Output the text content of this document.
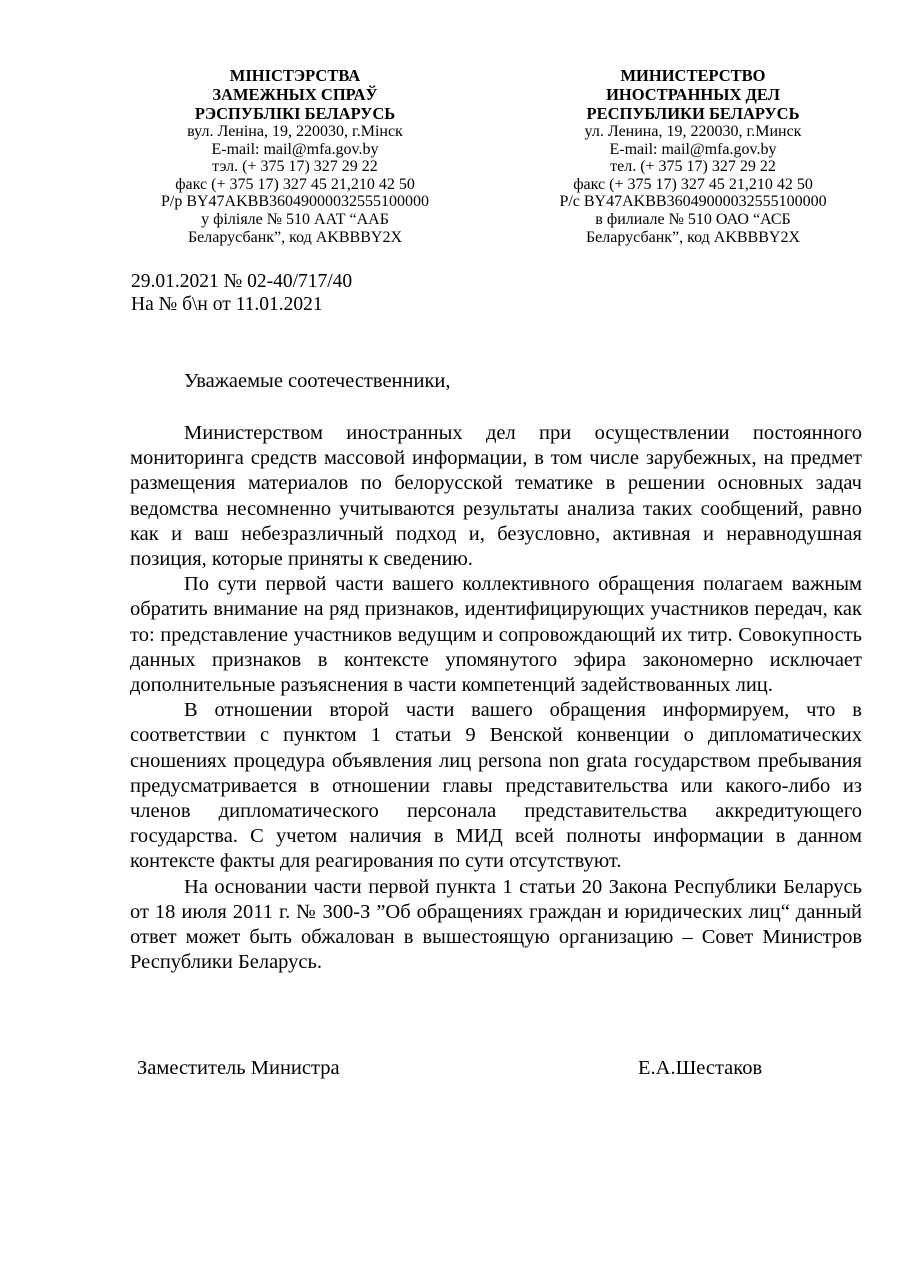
МІНІСТЭРСТВА
ЗАМЕЖНЫХ СПРАЎ
РЭСПУБЛІКІ БЕЛАРУСЬ
вул. Леніна, 19, 220030, г.Мінск
E-mail: mail@mfa.gov.by
тэл. (+ 375 17) 327 29 22
факс (+ 375 17) 327 45 21,210 42 50
Р/р BY47AKBB36049000032555100000
у філіяле № 510 ААТ “ААБ
Беларусбанк”, код AKBBBY2X
МИНИСТЕРСТВО
ИНОСТРАННЫХ ДЕЛ
РЕСПУБЛИКИ БЕЛАРУСЬ
ул. Ленина, 19, 220030, г.Минск
E-mail: mail@mfa.gov.by
тел. (+ 375 17) 327 29 22
факс (+ 375 17) 327 45 21,210 42 50
Р/с BY47AKBB36049000032555100000
в филиале № 510 ОАО “АСБ
Беларусбанк”, код AKBBBY2X
29.01.2021 № 02-40/717/40
На № б\н от 11.01.2021
Уважаемые соотечественники,

Министерством иностранных дел при осуществлении постоянного мониторинга средств массовой информации, в том числе зарубежных, на предмет размещения материалов по белорусской тематике в решении основных задач ведомства несомненно учитываются результаты анализа таких сообщений, равно как и ваш небезразличный подход и, безусловно, активная и неравнодушная позиция, которые приняты к сведению.

По сути первой части вашего коллективного обращения полагаем важным обратить внимание на ряд признаков, идентифицирующих участников передач, как то: представление участников ведущим и сопровождающий их титр. Совокупность данных признаков в контексте упомянутого эфира закономерно исключает дополнительные разъяснения в части компетенций задействованных лиц.

В отношении второй части вашего обращения информируем, что в соответствии с пунктом 1 статьи 9 Венской конвенции о дипломатических сношениях процедура объявления лиц persona non grata государством пребывания предусматривается в отношении главы представительства или какого-либо из членов дипломатического персонала представительства аккредитующего государства. С учетом наличия в МИД всей полноты информации в данном контексте факты для реагирования по сути отсутствуют.

На основании части первой пункта 1 статьи 20 Закона Республики Беларусь от 18 июля 2011 г. № 300-З ”Об обращениях граждан и юридических лиц“ данный ответ может быть обжалован в вышестоящую организацию – Совет Министров Республики Беларусь.

Заместитель Министра	Е.А.Шестаков
